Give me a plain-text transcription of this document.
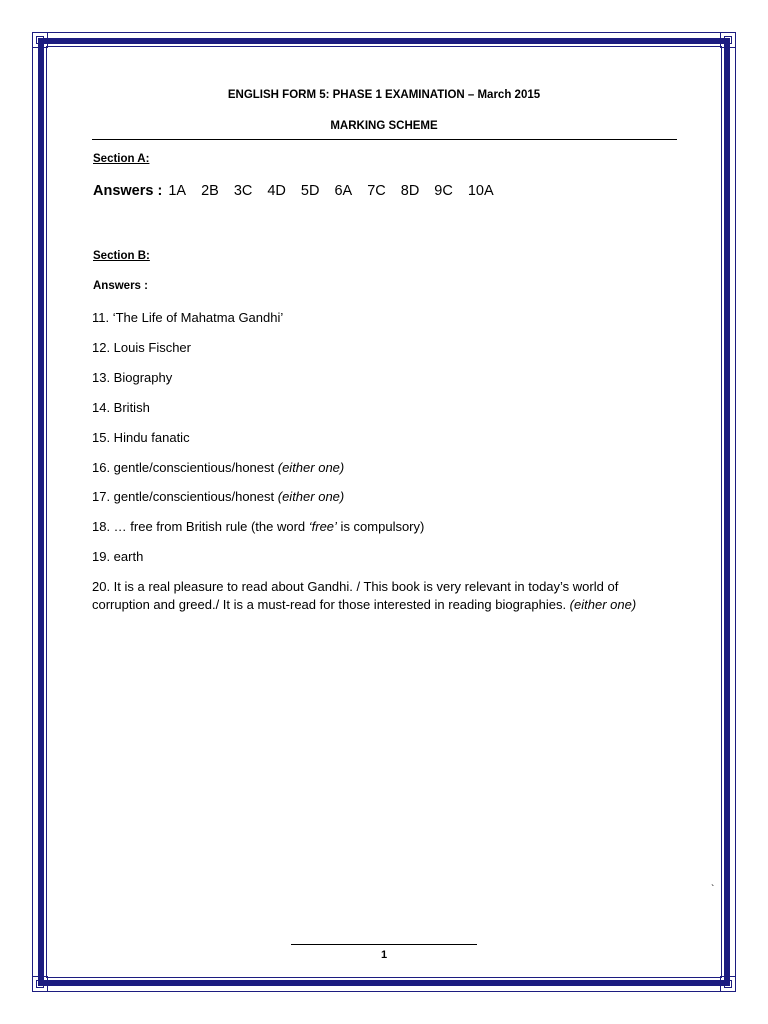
ENGLISH FORM 5: PHASE 1 EXAMINATION – March 2015
MARKING SCHEME
Section A:
Answers : 1A 2B 3C 4D 5D 6A 7C 8D 9C 10A
Section B:
Answers :
11. ‘The Life of Mahatma Gandhi’
12. Louis Fischer
13. Biography
14. British
15. Hindu fanatic
16. gentle/conscientious/honest (either one)
17. gentle/conscientious/honest (either one)
18. … free from British rule (the word ‘free’ is compulsory)
19. earth
20. It is a real pleasure to read about Gandhi. / This book is very relevant in today’s world of corruption and greed./ It is a must-read for those interested in reading biographies. (either one)
`
1
